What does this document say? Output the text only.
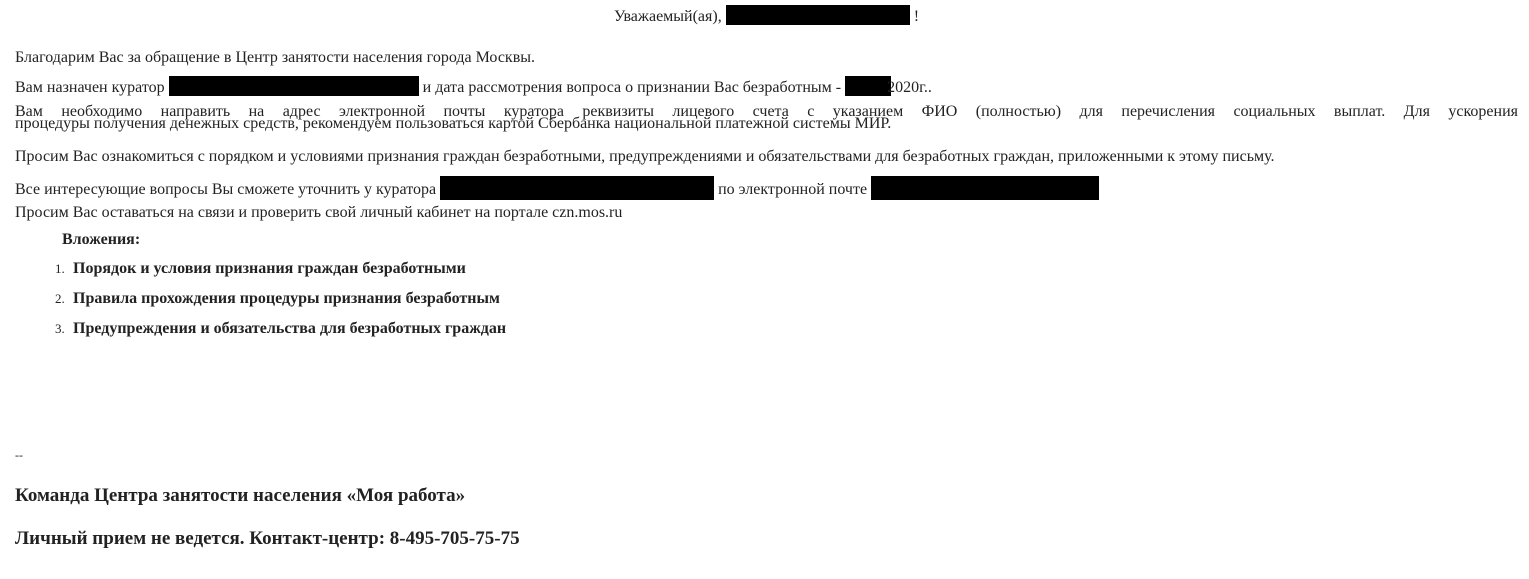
Уважаемый(ая),	!
Благодарим Вас за обращение в Центр занятости населения города Москвы.
Вам назначен куратор	и дата рассмотрения вопроса о признании Вас безработным -	2020г..
Вам необходимо направить на адрес электронной почты куратора реквизиты лицевого счета с указанием ФИО (полностью) для перечисления социальных выплат. Для ускорения
процедуры получения денежных средств, рекомендуем пользоваться картой Сбербанка национальной платежной системы МИР.
Просим Вас ознакомиться с порядком и условиями признания граждан безработными, предупреждениями и обязательствами для безработных граждан, приложенными к этому письму.
Все интересующие вопросы Вы сможете уточнить у куратора	по электронной почте
Просим Вас оставаться на связи и проверить свой личный кабинет на портале czn.mos.ru
Вложения:
1. Порядок и условия признания граждан безработными
2. Правила прохождения процедуры признания безработным
3. Предупреждения и обязательства для безработных граждан
--
Команда Центра занятости населения «Моя работа»
Личный прием не ведется. Контакт-центр: 8-495-705-75-75
